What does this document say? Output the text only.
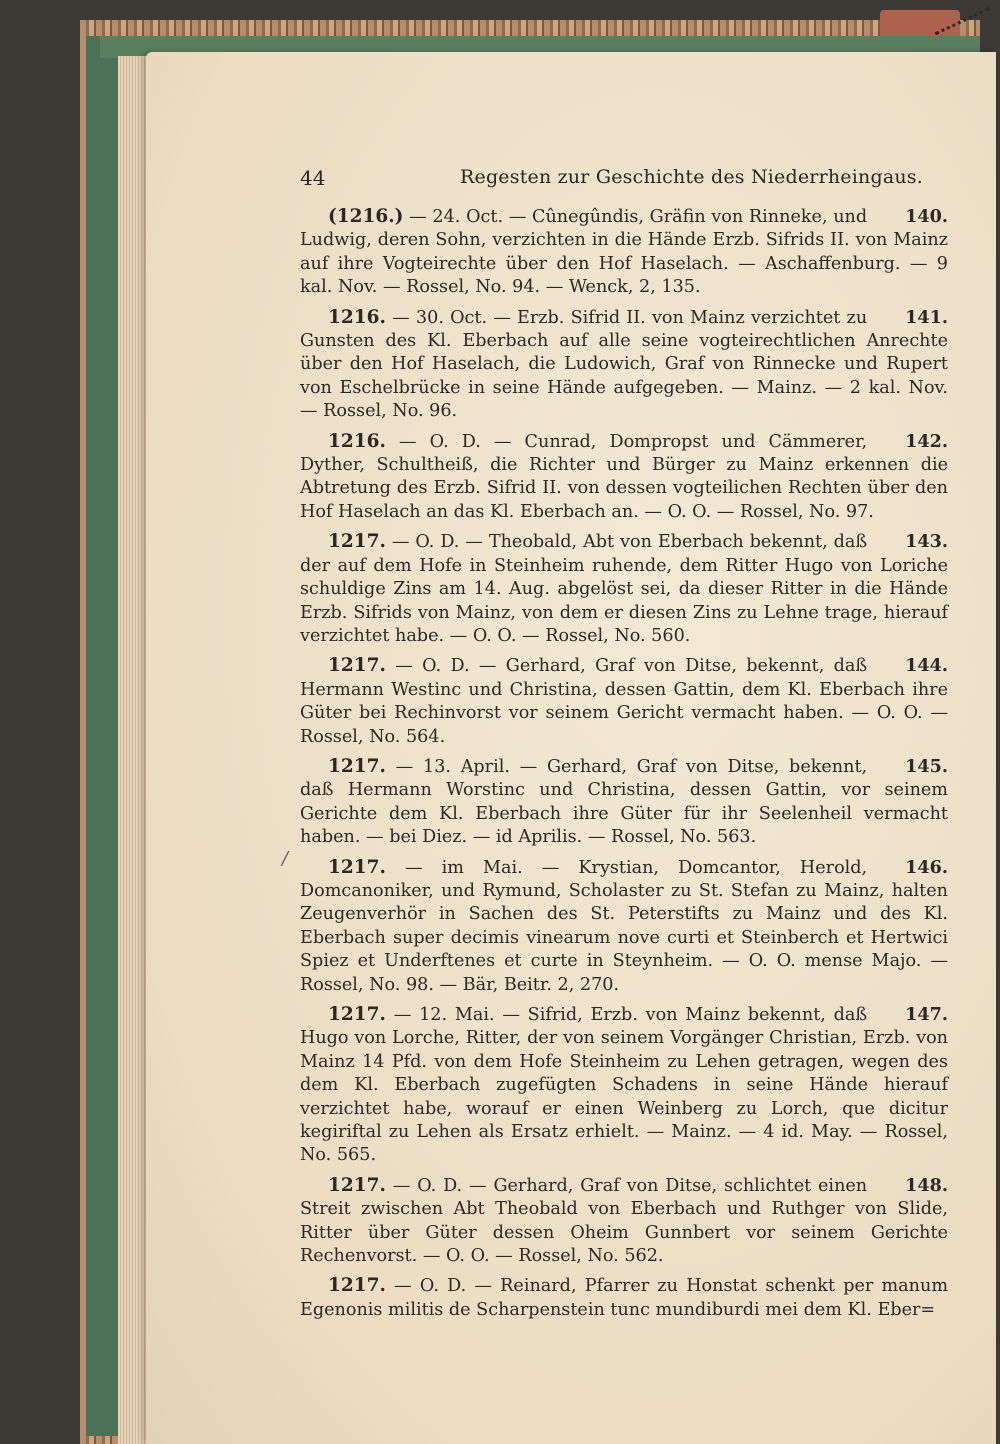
44	Regesten zur Geschichte des Niederrheingaus.
/

140.
(1216.) — 24. Oct. — Cûnegûndis, Gräfin von Rinneke, und Ludwig, deren Sohn, verzichten in die Hände Erzb. Sifrids II. von Mainz auf ihre Vogteirechte über den Hof Haselach. — Aschaffenburg. — 9 kal. Nov. — Rossel, No. 94. — Wenck, 2, 135.

141.
1216. — 30. Oct. — Erzb. Sifrid II. von Mainz verzichtet zu Gunsten des Kl. Eberbach auf alle seine vogteirechtlichen Anrechte über den Hof Haselach, die Ludowich, Graf von Rinnecke und Rupert von Eschelbrücke in seine Hände aufgegeben. — Mainz. — 2 kal. Nov. — Rossel, No. 96.

142.
1216. — O. D. — Cunrad, Dompropst und Cämmerer, Dyther, Schultheiß, die Richter und Bürger zu Mainz erkennen die Abtretung des Erzb. Sifrid II. von dessen vogteilichen Rechten über den Hof Haselach an das Kl. Eberbach an. — O. O. — Rossel, No. 97.

143.
1217. — O. D. — Theobald, Abt von Eberbach bekennt, daß der auf dem Hofe in Steinheim ruhende, dem Ritter Hugo von Loriche schuldige Zins am 14. Aug. abgelöst sei, da dieser Ritter in die Hände Erzb. Sifrids von Mainz, von dem er diesen Zins zu Lehne trage, hierauf verzichtet habe. — O. O. — Rossel, No. 560.

144.
1217. — O. D. — Gerhard, Graf von Ditse, bekennt, daß Hermann Westinc und Christina, dessen Gattin, dem Kl. Eberbach ihre Güter bei Rechinvorst vor seinem Gericht vermacht haben. — O. O. — Rossel, No. 564.

145.
1217. — 13. April. — Gerhard, Graf von Ditse, bekennt, daß Hermann Worstinc und Christina, dessen Gattin, vor seinem Gerichte dem Kl. Eberbach ihre Güter für ihr Seelenheil vermacht haben. — bei Diez. — id Aprilis. — Rossel, No. 563.

146.
1217. — im Mai. — Krystian, Domcantor, Herold, Domcanoniker, und Rymund, Scholaster zu St. Stefan zu Mainz, halten Zeugenverhör in Sachen des St. Peterstifts zu Mainz und des Kl. Eberbach super decimis vinearum nove curti et Steinberch et Hertwici Spiez et Underftenes et curte in Steynheim. — O. O. mense Majo. — Rossel, No. 98. — Bär, Beitr. 2, 270.

147.
1217. — 12. Mai. — Sifrid, Erzb. von Mainz bekennt, daß Hugo von Lorche, Ritter, der von seinem Vorgänger Christian, Erzb. von Mainz 14 Pfd. von dem Hofe Steinheim zu Lehen getragen, wegen des dem Kl. Eberbach zugefügten Schadens in seine Hände hierauf verzichtet habe, worauf er einen Weinberg zu Lorch, que dicitur kegiriftal zu Lehen als Ersatz erhielt. — Mainz. — 4 id. May. — Rossel, No. 565.

148.
1217. — O. D. — Gerhard, Graf von Ditse, schlichtet einen Streit zwischen Abt Theobald von Eberbach und Ruthger von Slide, Ritter über Güter dessen Oheim Gunnbert vor seinem Gerichte Rechenvorst. — O. O. — Rossel, No. 562.

1217. — O. D. — Reinard, Pfarrer zu Honstat schenkt per manum Egenonis militis de Scharpenstein tunc mundiburdi mei dem Kl. Eber=
